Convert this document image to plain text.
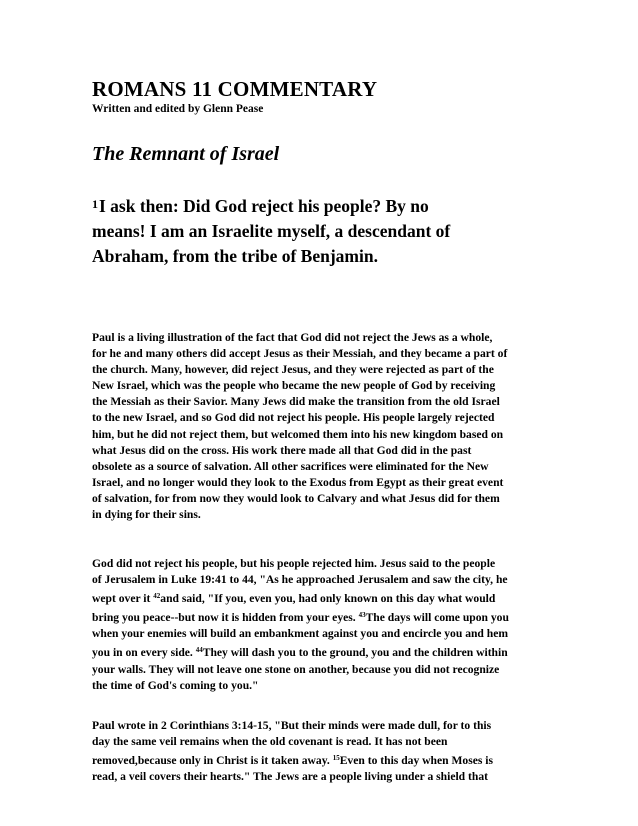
ROMANS 11 COMMENTARY
Written and edited by Glenn Pease
The Remnant of Israel
$^1$I ask then: Did God reject his people? By no
means! I am an Israelite myself, a descendant of
Abraham, from the tribe of Benjamin.
Paul is a living illustration of the fact that God did not reject the Jews as a whole,
for he and many others did accept Jesus as their Messiah, and they became a part of
the church. Many, however, did reject Jesus, and they were rejected as part of the
New Israel, which was the people who became the new people of God by receiving
the Messiah as their Savior. Many Jews did make the transition from the old Israel
to the new Israel, and so God did not reject his people. His people largely rejected
him, but he did not reject them, but welcomed them into his new kingdom based on
what Jesus did on the cross. His work there made all that God did in the past
obsolete as a source of salvation. All other sacrifices were eliminated for the New
Israel, and no longer would they look to the Exodus from Egypt as their great event
of salvation, for from now they would look to Calvary and what Jesus did for them
in dying for their sins.
God did not reject his people, but his people rejected him. Jesus said to the people
of Jerusalem in Luke 19:41 to 44, "As he approached Jerusalem and saw the city, he
wept over it $^{42}$and said, "If you, even you, had only known on this day what would
bring you peace--but now it is hidden from your eyes. $^{43}$The days will come upon you
when your enemies will build an embankment against you and encircle you and hem
you in on every side. $^{44}$They will dash you to the ground, you and the children within
your walls. They will not leave one stone on another, because you did not recognize
the time of God's coming to you."
Paul wrote in 2 Corinthians 3:14-15, "But their minds were made dull, for to this
day the same veil remains when the old covenant is read. It has not been
removed,because only in Christ is it taken away. $^{15}$Even to this day when Moses is
read, a veil covers their hearts." The Jews are a people living under a shield that
